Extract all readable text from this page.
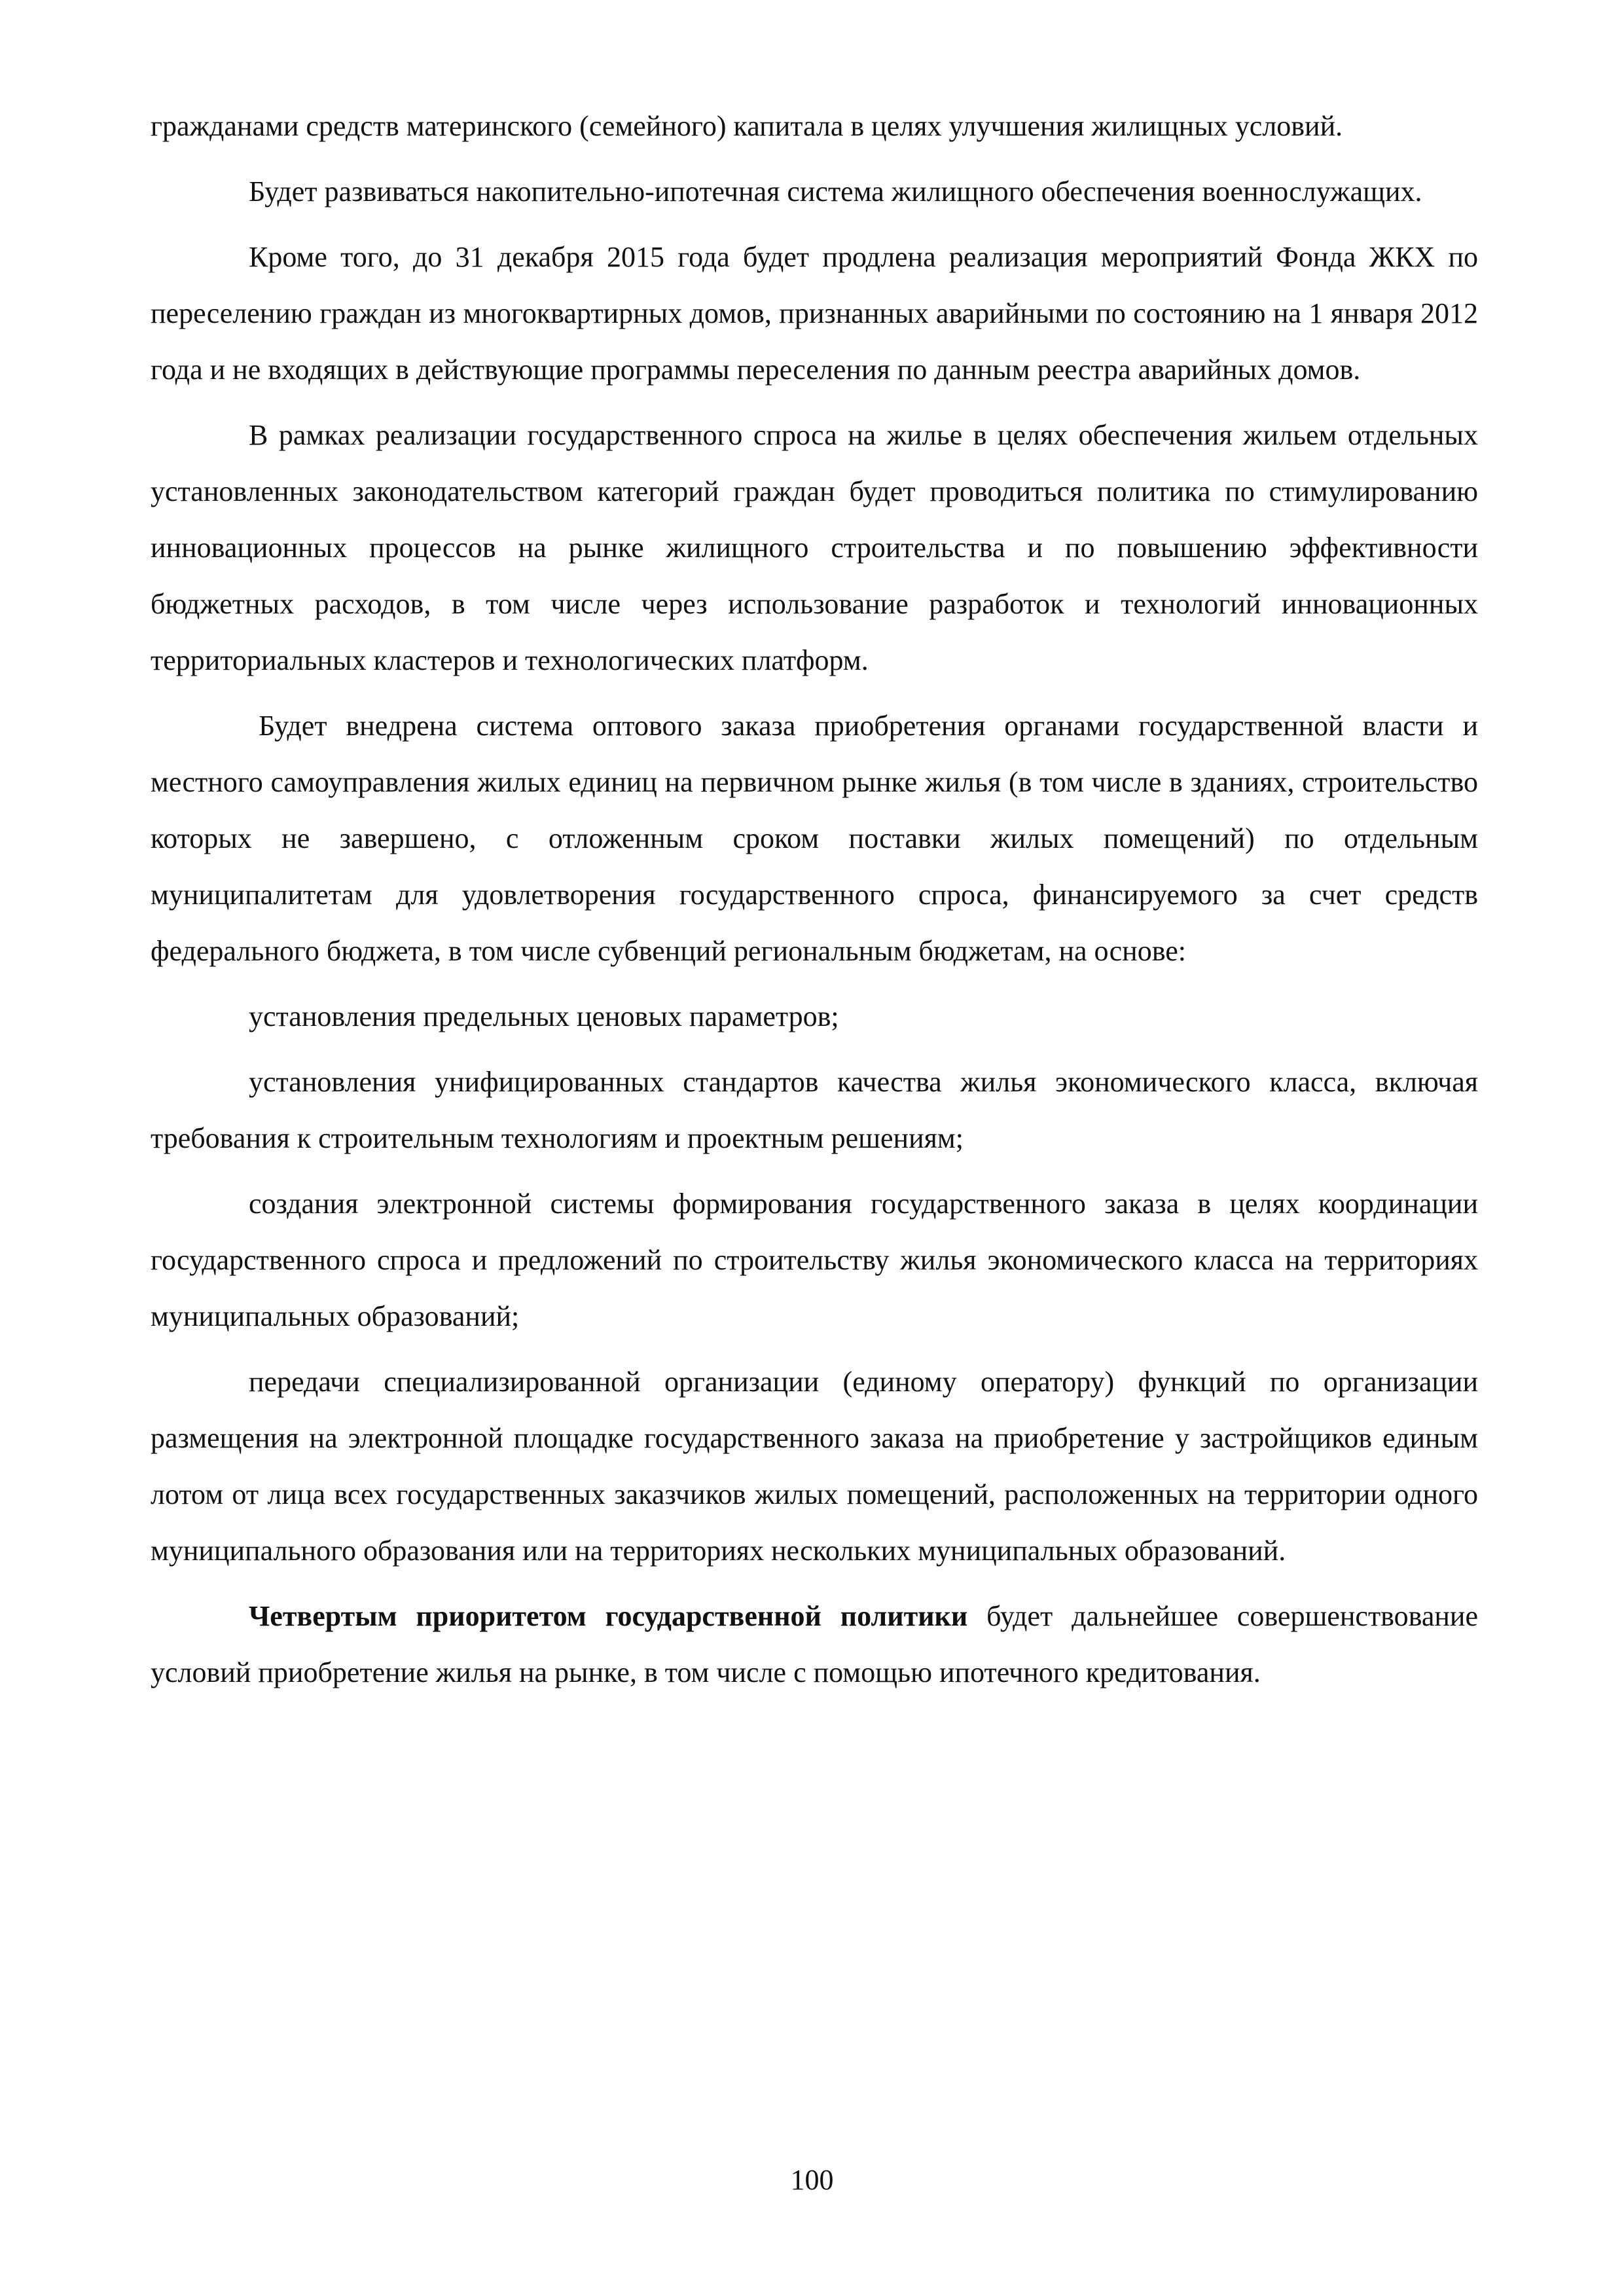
гражданами средств материнского (семейного) капитала в целях улучшения жилищных условий.

Будет развиваться накопительно-ипотечная система жилищного обеспечения военнослужащих.

Кроме того, до 31 декабря 2015 года будет продлена реализация мероприятий Фонда ЖКХ по переселению граждан из многоквартирных домов, признанных аварийными по состоянию на 1 января 2012 года и не входящих в действующие программы переселения по данным реестра аварийных домов.

В рамках реализации государственного спроса на жилье в целях обеспечения жильем отдельных установленных законодательством категорий граждан будет проводиться политика по стимулированию инновационных процессов на рынке жилищного строительства и по повышению эффективности бюджетных расходов, в том числе через использование разработок и технологий инновационных территориальных кластеров и технологических платформ.

Будет внедрена система оптового заказа приобретения органами государственной власти и местного самоуправления жилых единиц на первичном рынке жилья (в том числе в зданиях, строительство которых не завершено, с отложенным сроком поставки жилых помещений) по отдельным муниципалитетам для удовлетворения государственного спроса, финансируемого за счет средств федерального бюджета, в том числе субвенций региональным бюджетам, на основе:

установления предельных ценовых параметров;

установления унифицированных стандартов качества жилья экономического класса, включая требования к строительным технологиям и проектным решениям;

создания электронной системы формирования государственного заказа в целях координации государственного спроса и предложений по строительству жилья экономического класса на территориях муниципальных образований;

передачи специализированной организации (единому оператору) функций по организации размещения на электронной площадке государственного заказа на приобретение у застройщиков единым лотом от лица всех государственных заказчиков жилых помещений, расположенных на территории одного муниципального образования или на территориях нескольких муниципальных образований.

Четвертым приоритетом государственной политики будет дальнейшее совершенствование условий приобретение жилья на рынке, в том числе с помощью ипотечного кредитования.

100
